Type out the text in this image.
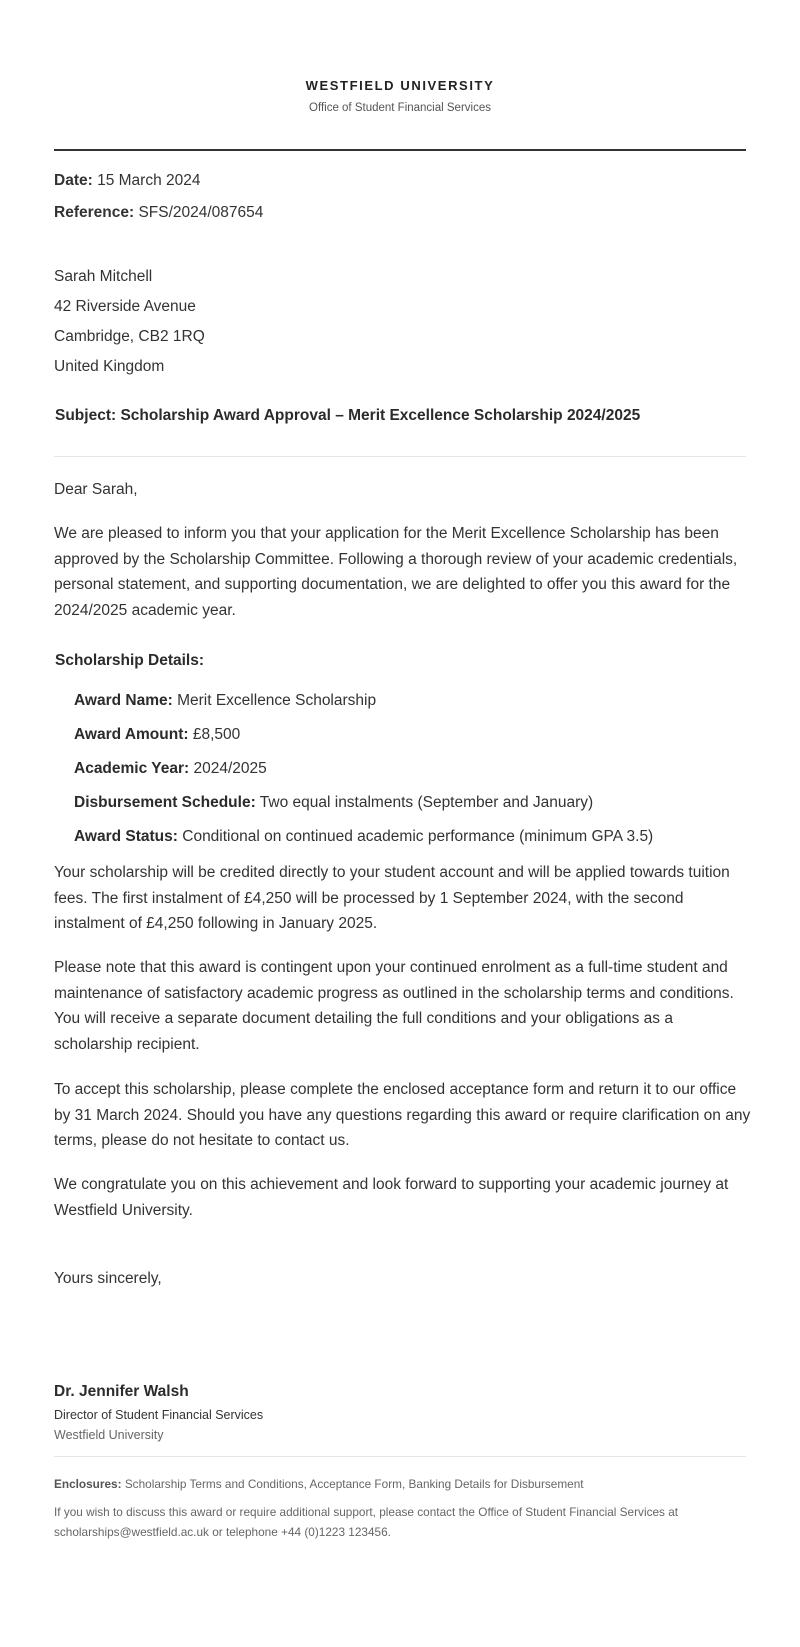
WESTFIELD UNIVERSITY
Office of Student Financial Services
Date: 15 March 2024
Reference: SFS/2024/087654
Sarah Mitchell
42 Riverside Avenue
Cambridge, CB2 1RQ
United Kingdom
Subject: Scholarship Award Approval – Merit Excellence Scholarship 2024/2025
Dear Sarah,
We are pleased to inform you that your application for the Merit Excellence Scholarship has been approved by the Scholarship Committee. Following a thorough review of your academic credentials, personal statement, and supporting documentation, we are delighted to offer you this award for the 2024/2025 academic year.
Scholarship Details:
Award Name: Merit Excellence Scholarship
Award Amount: £8,500
Academic Year: 2024/2025
Disbursement Schedule: Two equal instalments (September and January)
Award Status: Conditional on continued academic performance (minimum GPA 3.5)
Your scholarship will be credited directly to your student account and will be applied towards tuition fees. The first instalment of £4,250 will be processed by 1 September 2024, with the second instalment of £4,250 following in January 2025.
Please note that this award is contingent upon your continued enrolment as a full-time student and maintenance of satisfactory academic progress as outlined in the scholarship terms and conditions. You will receive a separate document detailing the full conditions and your obligations as a scholarship recipient.
To accept this scholarship, please complete the enclosed acceptance form and return it to our office by 31 March 2024. Should you have any questions regarding this award or require clarification on any terms, please do not hesitate to contact us.
We congratulate you on this achievement and look forward to supporting your academic journey at Westfield University.
Yours sincerely,
Dr. Jennifer Walsh
Director of Student Financial Services
Westfield University
Enclosures: Scholarship Terms and Conditions, Acceptance Form, Banking Details for Disbursement
If you wish to discuss this award or require additional support, please contact the Office of Student Financial Services at scholarships@westfield.ac.uk or telephone +44 (0)1223 123456.
